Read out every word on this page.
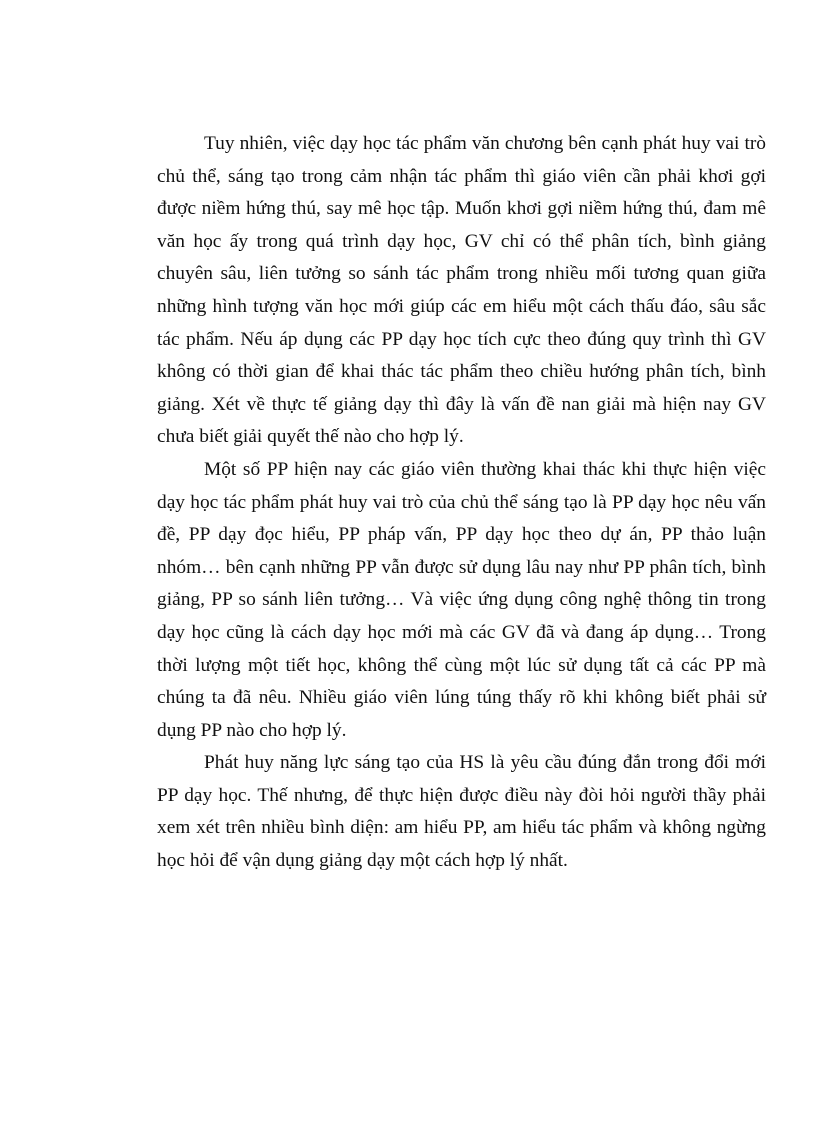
Tuy nhiên, việc dạy học tác phẩm văn chương bên cạnh phát huy vai trò chủ thể, sáng tạo trong cảm nhận tác phẩm thì giáo viên cần phải khơi gợi được niềm hứng thú, say mê học tập. Muốn khơi gợi niềm hứng thú, đam mê văn học ấy trong quá trình dạy học, GV chỉ có thể phân tích, bình giảng chuyên sâu, liên tưởng so sánh tác phẩm trong nhiều mối tương quan giữa những hình tượng văn học mới giúp các em hiểu một cách thấu đáo, sâu sắc tác phẩm. Nếu áp dụng các PP dạy học tích cực theo đúng quy trình thì GV không có thời gian để khai thác tác phẩm theo chiều hướng phân tích, bình giảng. Xét về thực tế giảng dạy thì đây là vấn đề nan giải mà hiện nay GV chưa biết giải quyết thế nào cho hợp lý.

Một số PP hiện nay các giáo viên thường khai thác khi thực hiện việc dạy học tác phẩm phát huy vai trò của chủ thể sáng tạo là PP dạy học nêu vấn đề, PP dạy đọc hiểu, PP pháp vấn, PP dạy học theo dự án, PP thảo luận nhóm… bên cạnh những PP vẫn được sử dụng lâu nay như PP phân tích, bình giảng, PP so sánh liên tưởng… Và việc ứng dụng công nghệ thông tin trong dạy học cũng là cách dạy học mới mà các GV đã và đang áp dụng… Trong thời lượng một tiết học, không thể cùng một lúc sử dụng tất cả các PP mà chúng ta đã nêu. Nhiều giáo viên lúng túng thấy rõ khi không biết phải sử dụng PP nào cho hợp lý.

Phát huy năng lực sáng tạo của HS là yêu cầu đúng đắn trong đổi mới PP dạy học. Thế nhưng, để thực hiện được điều này đòi hỏi người thầy phải xem xét trên nhiều bình diện: am hiểu PP, am hiểu tác phẩm và không ngừng học hỏi để vận dụng giảng dạy một cách hợp lý nhất.
